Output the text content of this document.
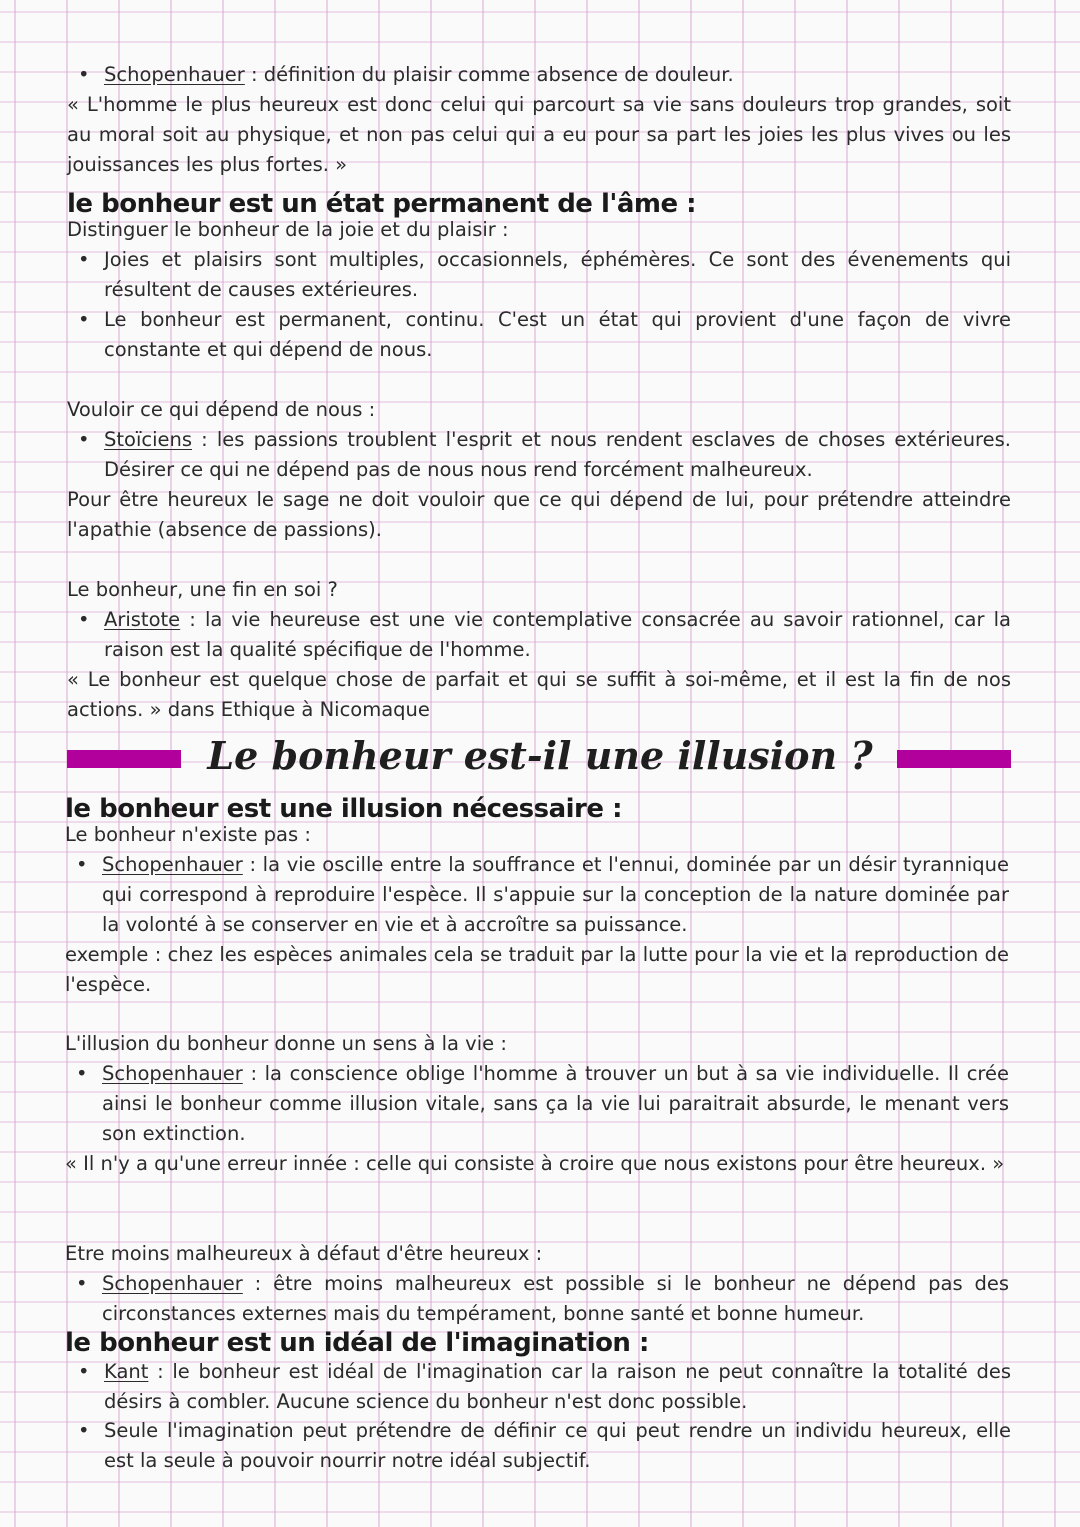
• Schopenhauer : définition du plaisir comme absence de douleur.

« L'homme le plus heureux est donc celui qui parcourt sa vie sans douleurs trop grandes, soit au moral soit au physique, et non pas celui qui a eu pour sa part les joies les plus vives ou les jouissances les plus fortes. »

le bonheur est un état permanent de l'âme :

Distinguer le bonheur de la joie et du plaisir :

• Joies et plaisirs sont multiples, occasionnels, éphémères. Ce sont des évenements qui résultent de causes extérieures.

• Le bonheur est permanent, continu. C'est un état qui provient d'une façon de vivre constante et qui dépend de nous.

Vouloir ce qui dépend de nous :

• Stoïciens : les passions troublent l'esprit et nous rendent esclaves de choses extérieures. Désirer ce qui ne dépend pas de nous nous rend forcément malheureux.

Pour être heureux le sage ne doit vouloir que ce qui dépend de lui, pour prétendre atteindre l'apathie (absence de passions).

Le bonheur, une fin en soi ?

• Aristote : la vie heureuse est une vie contemplative consacrée au savoir rationnel, car la raison est la qualité spécifique de l'homme.

« Le bonheur est quelque chose de parfait et qui se suffit à soi-même, et il est la fin de nos actions. » dans Ethique à Nicomaque

Le bonheur est-il une illusion ?
le bonheur est une illusion nécessaire :

Le bonheur n'existe pas :

• Schopenhauer : la vie oscille entre la souffrance et l'ennui, dominée par un désir tyrannique qui correspond à reproduire l'espèce. Il s'appuie sur la conception de la nature dominée par la volonté à se conserver en vie et à accroître sa puissance.

exemple : chez les espèces animales cela se traduit par la lutte pour la vie et la reproduction de l'espèce.

L'illusion du bonheur donne un sens à la vie :

• Schopenhauer : la conscience oblige l'homme à trouver un but à sa vie individuelle. Il crée ainsi le bonheur comme illusion vitale, sans ça la vie lui paraitrait absurde, le menant vers son extinction.

« Il n'y a qu'une erreur innée : celle qui consiste à croire que nous existons pour être heureux. »

Etre moins malheureux à défaut d'être heureux :

• Schopenhauer : être moins malheureux est possible si le bonheur ne dépend pas des circonstances externes mais du tempérament, bonne santé et bonne humeur.

le bonheur est un idéal de l'imagination :

• Kant : le bonheur est idéal de l'imagination car la raison ne peut connaître la totalité des désirs à combler. Aucune science du bonheur n'est donc possible.

• Seule l'imagination peut prétendre de définir ce qui peut rendre un individu heureux, elle est la seule à pouvoir nourrir notre idéal subjectif.
